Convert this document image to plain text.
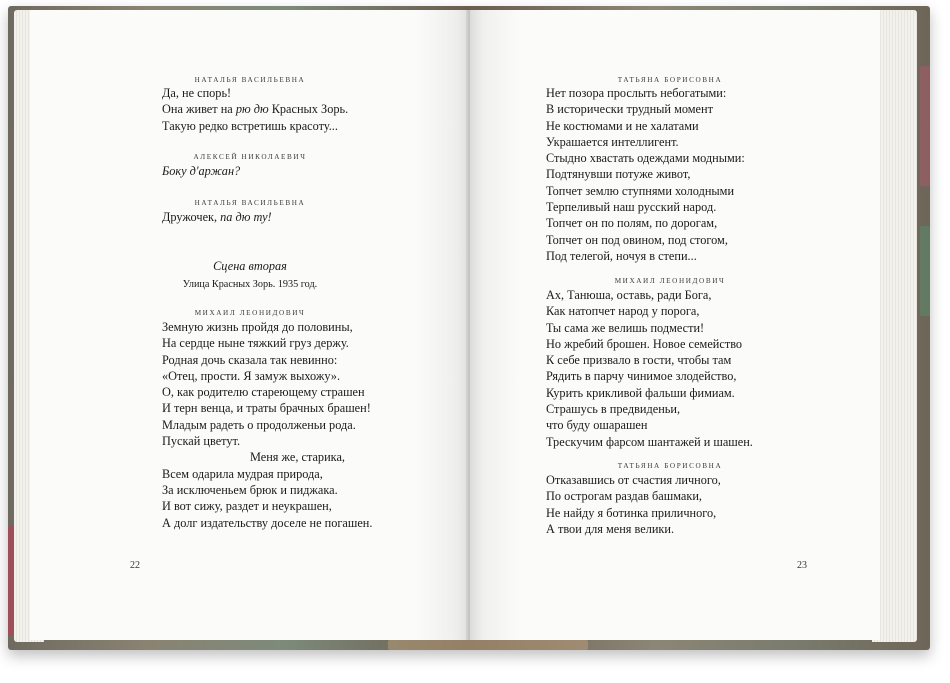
НАТАЛЬЯ ВАСИЛЬЕВНА
Да, не спорь!
Она живет на рю дю Красных Зорь.
Такую редко встретишь красоту...
АЛЕКСЕЙ НИКОЛАЕВИЧ
Боку д'аржан?
НАТАЛЬЯ ВАСИЛЬЕВНА
Дружочек, па дю ту!
Сцена вторая
Улица Красных Зорь. 1935 год.
МИХАИЛ ЛЕОНИДОВИЧ
Земную жизнь пройдя до половины,
На сердце ныне тяжкий груз держу.
Родная дочь сказала так невинно:
«Отец, прости. Я замуж выхожу».
О, как родителю стареющему страшен
И терн венца, и траты брачных брашен!
Младым радеть о продолженьи рода.
Пускай цветут.
Меня же, старика,
Всем одарила мудрая природа,
За исключеньем брюк и пиджака.
И вот сижу, раздет и неукрашен,
А долг издательству доселе не погашен.
22
ТАТЬЯНА БОРИСОВНА
Нет позора прослыть небогатыми:
В исторически трудный момент
Не костюмами и не халатами
Украшается интеллигент.
Стыдно хвастать одеждами модными:
Подтянувши потуже живот,
Топчет землю ступнями холодными
Терпеливый наш русский народ.
Топчет он по полям, по дорогам,
Топчет он под овином, под стогом,
Под телегой, ночуя в степи...
МИХАИЛ ЛЕОНИДОВИЧ
Ах, Танюша, оставь, ради Бога,
Как натопчет народ у порога,
Ты сама же велишь подмести!
Но жребий брошен. Новое семейство
К себе призвало в гости, чтобы там
Рядить в парчу чинимое злодейство,
Курить крикливой фальши фимиам.
Страшусь в предвиденьи,
что буду ошарашен
Трескучим фарсом шантажей и шашен.
ТАТЬЯНА БОРИСОВНА
Отказавшись от счастия личного,
По острогам раздав башмаки,
Не найду я ботинка приличного,
А твои для меня велики.
23
